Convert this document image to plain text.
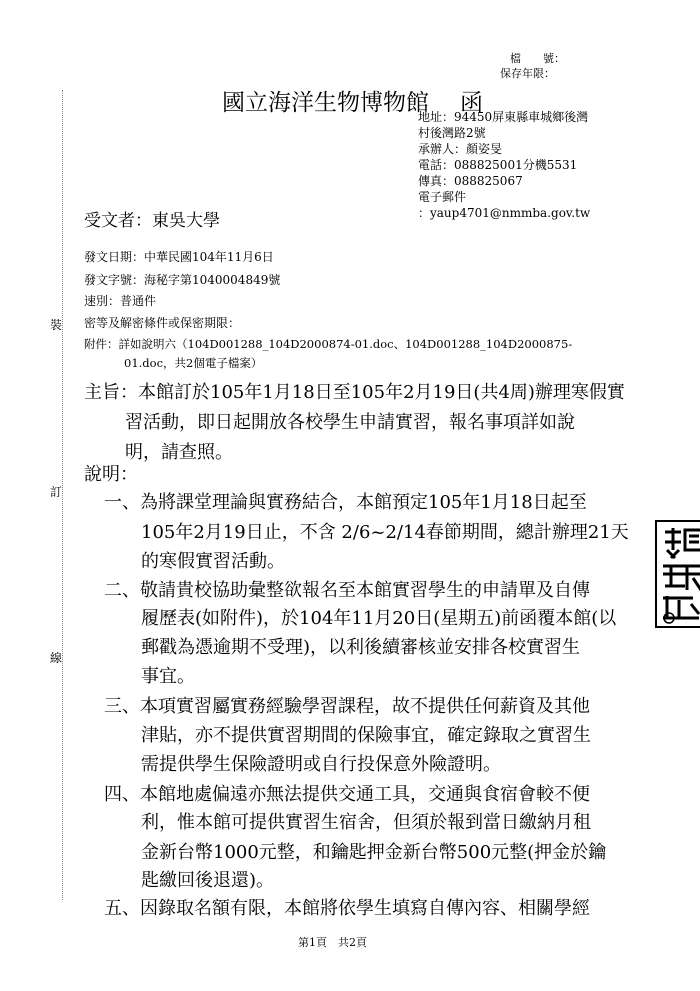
裝
訂
線
檔　　號：
保存年限：
國立海洋生物博物館 函
地址：94450屏東縣車城鄉後灣
村後灣路2號
承辦人：顏姿旻
電話：088825001分機5531
傳真：088825067
電子郵件
：yaup4701@nmmba.gov.tw
受文者：東吳大學
發文日期：中華民國104年11月6日
發文字號：海秘字第1040004849號
速別：普通件
密等及解密條件或保密期限：
附件：詳如說明六（104D001288_104D2000874-01.doc、104D001288_104D2000875-
01.doc，共2個電子檔案）
主旨：本館訂於105年1月18日至105年2月19日(共4周)辦理寒假實
習活動，即日起開放各校學生申請實習，報名事項詳如說
明，請查照。
說明：
一、為將課堂理論與實務結合，本館預定105年1月18日起至
105年2月19日止，不含 2/6~2/14春節期間，總計辦理21天
的寒假實習活動。
二、敬請貴校協助彙整欲報名至本館實習學生的申請單及自傳
履歷表(如附件)，於104年11月20日(星期五)前函覆本館(以
郵戳為憑逾期不受理)，以利後續審核並安排各校實習生
事宜。
三、本項實習屬實務經驗學習課程，故不提供任何薪資及其他
津貼，亦不提供實習期間的保險事宜，確定錄取之實習生
需提供學生保險證明或自行投保意外險證明。
四、本館地處偏遠亦無法提供交通工具，交通與食宿會較不便
利，惟本館可提供實習生宿舍，但須於報到當日繳納月租
金新台幣1000元整，和鑰匙押金新台幣500元整(押金於鑰
匙繳回後退還)。
五、因錄取名額有限，本館將依學生填寫自傳內容、相關學經
第1頁　共2頁
